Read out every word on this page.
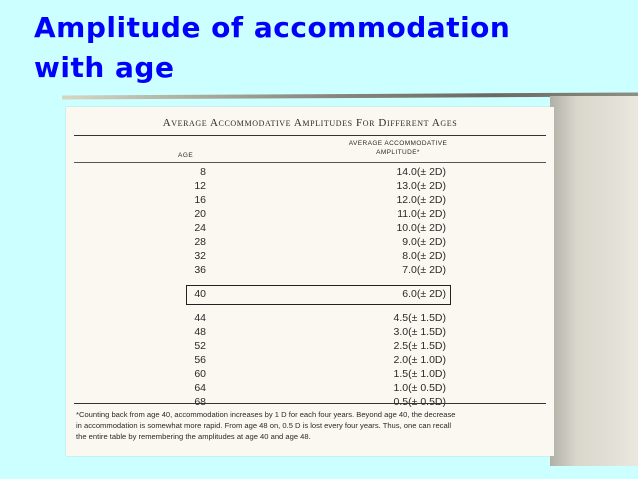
Amplitude of accommodation
with age
Average Accommodative Amplitudes For Different Ages
AGE
AVERAGE ACCOMMODATIVE
AMPLITUDE*
8	14.0(± 2D)
12	13.0(± 2D)
16	12.0(± 2D)
20	11.0(± 2D)
24	10.0(± 2D)
28	9.0(± 2D)
32	8.0(± 2D)
36	7.0(± 2D)
40	6.0(± 2D)
44	4.5(± 1.5D)
48	3.0(± 1.5D)
52	2.5(± 1.5D)
56	2.0(± 1.0D)
60	1.5(± 1.0D)
64	1.0(± 0.5D)
68	0.5(± 0.5D)
*Counting back from age 40, accommodation increases by 1 D for each four years. Beyond age 40, the decrease
in accommodation is somewhat more rapid. From age 48 on, 0.5 D is lost every four years. Thus, one can recall
the entire table by remembering the amplitudes at age 40 and age 48.
